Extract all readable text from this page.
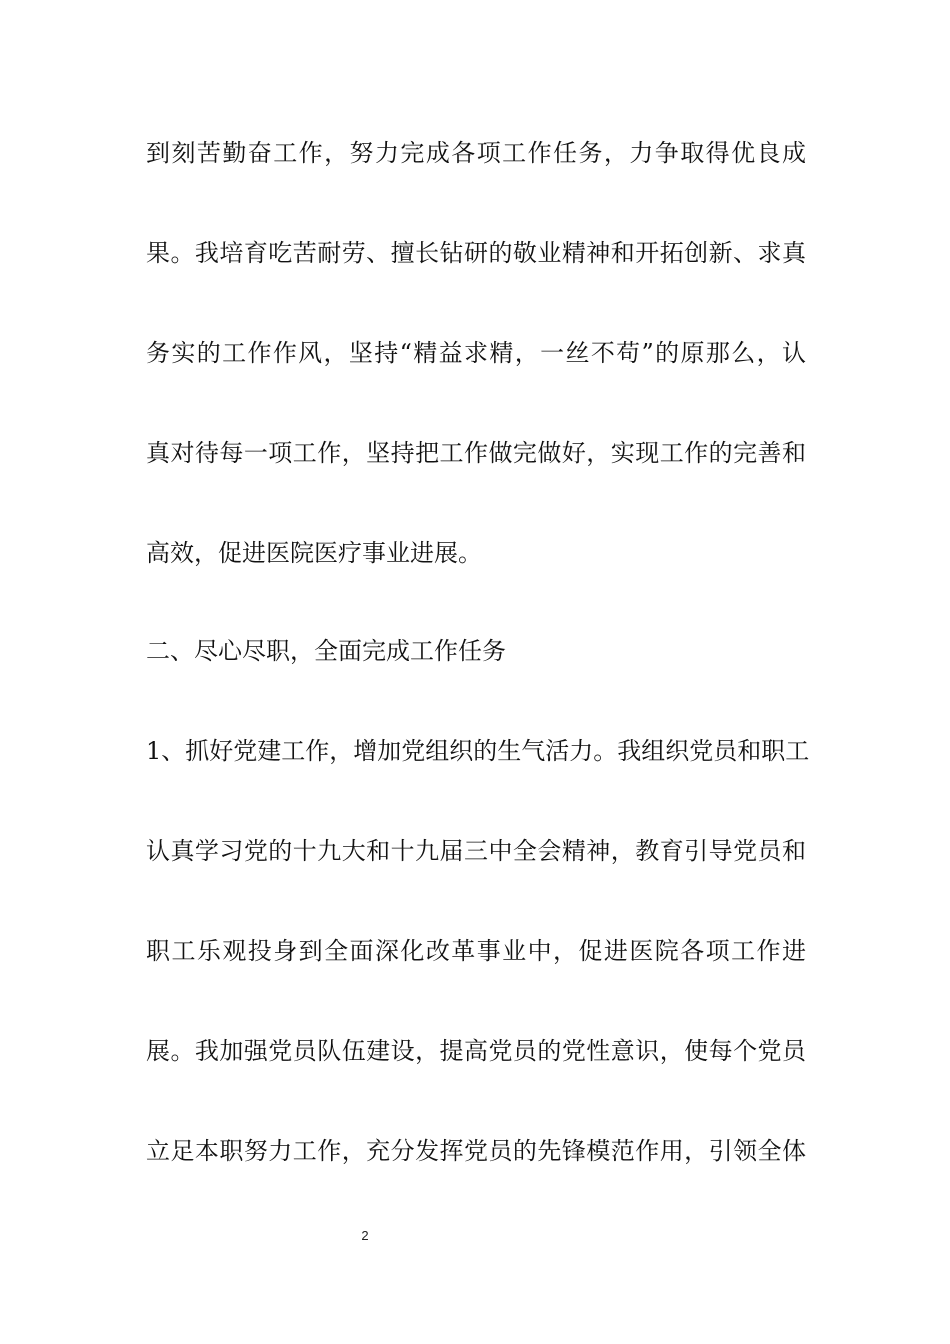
到刻苦勤奋工作，努力完成各项工作任务，力争取得优良成
果。我培育吃苦耐劳、擅长钻研的敬业精神和开拓创新、求真
务实的工作作风，坚持“精益求精，一丝不苟”的原那么，认
真对待每一项工作，坚持把工作做完做好，实现工作的完善和
高效，促进医院医疗事业进展。
二、尽心尽职，全面完成工作任务
1、抓好党建工作，增加党组织的生气活力。我组织党员和职工
认真学习党的十九大和十九届三中全会精神，教育引导党员和
职工乐观投身到全面深化改革事业中，促进医院各项工作进
展。我加强党员队伍建设，提高党员的党性意识，使每个党员
立足本职努力工作，充分发挥党员的先锋模范作用，引领全体
2
